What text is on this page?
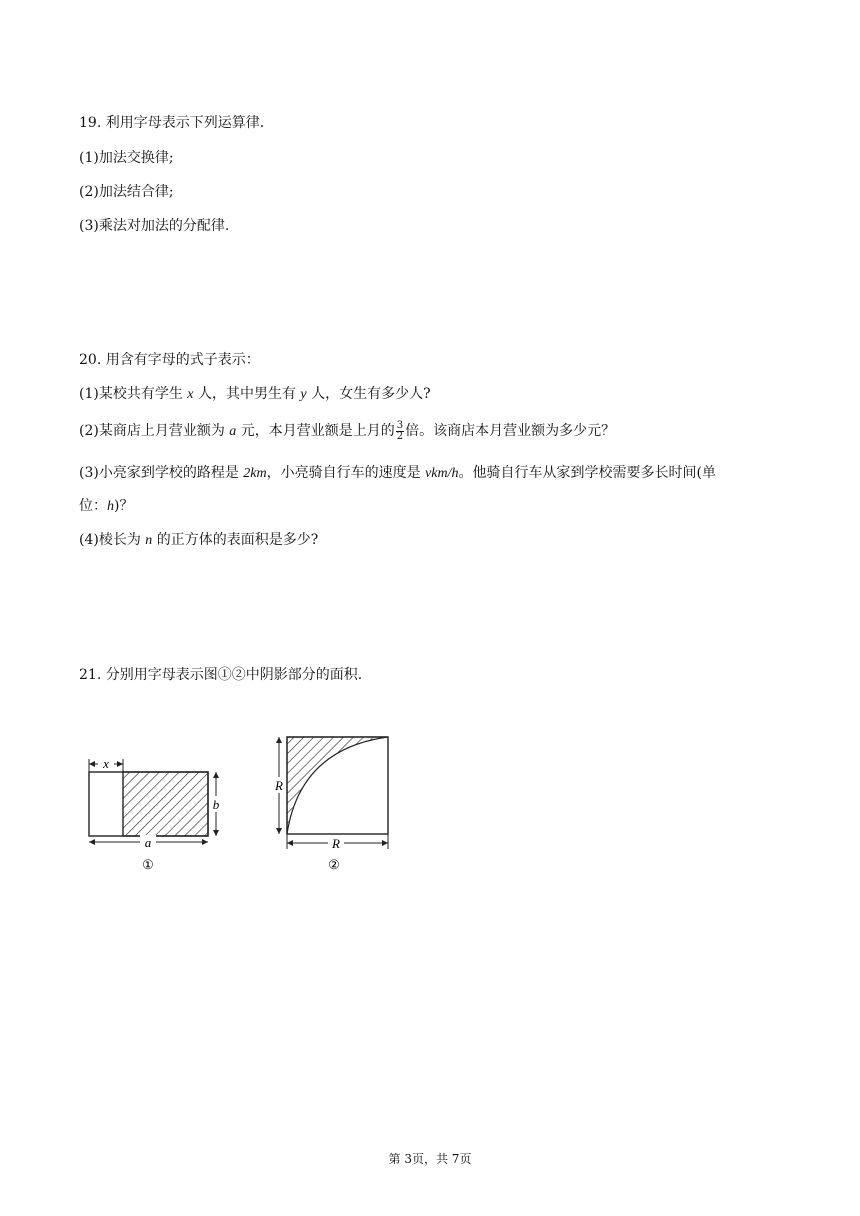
19. 利用字母表示下列运算律.
(1)加法交换律;
(2)加法结合律;
(3)乘法对加法的分配律.
20. 用含有字母的式子表示：
(1)某校共有学生 x 人，其中男生有 y 人，女生有多少人?
(2)某商店上月营业额为 a 元，本月营业额是上月的 $\frac{3}{2}$ 倍。该商店本月营业额为多少元？
(3)小亮家到学校的路程是 2km，小亮骑自行车的速度是 vkm/h。他骑自行车从家到学校需要多长时间(单
位：h)？
(4)棱长为 n 的正方体的表面积是多少?
21. 分别用字母表示图①②中阴影部分的面积.
x
b
a
①
R
R
②
第 3页，共 7页
